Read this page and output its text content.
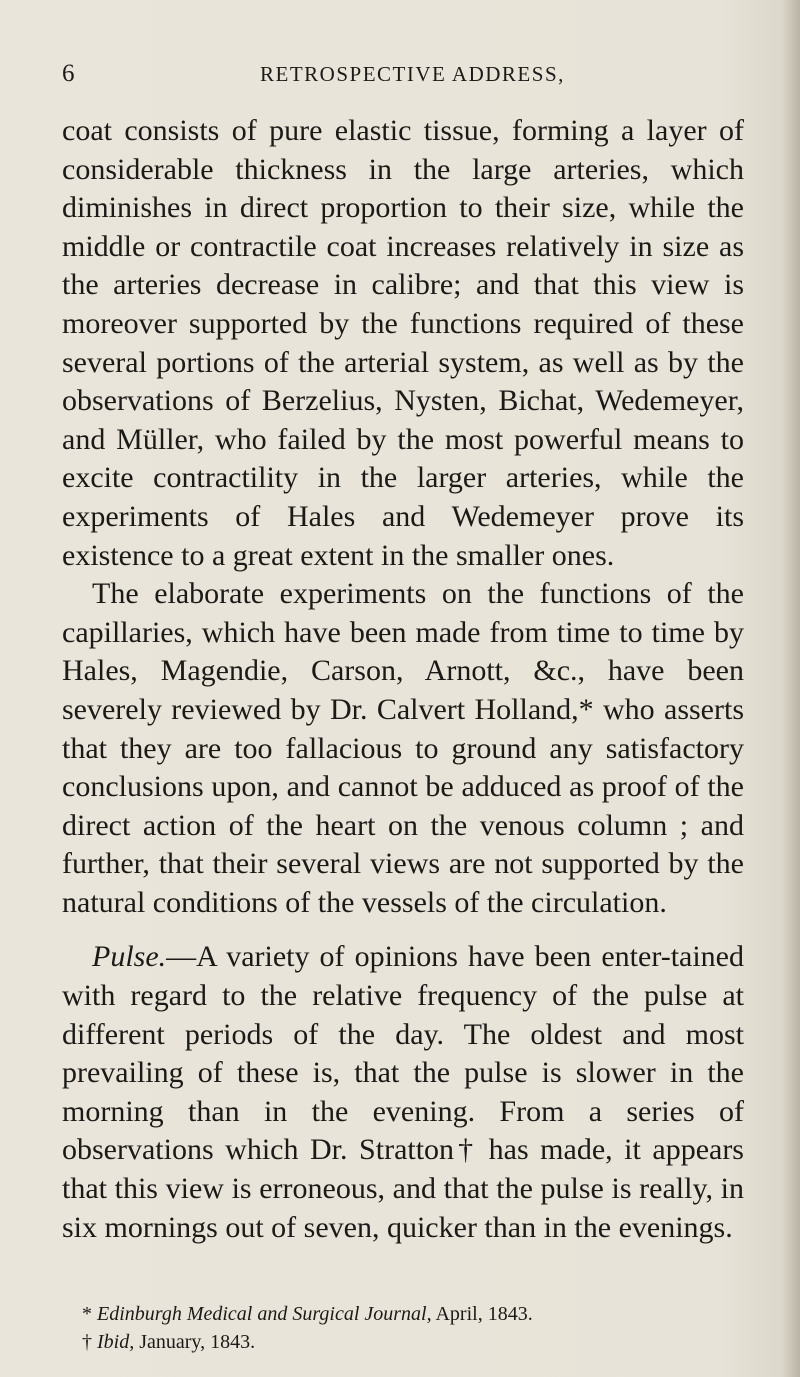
6	RETROSPECTIVE ADDRESS,

coat consists of pure elastic tissue, forming a layer of considerable thickness in the large arteries, which diminishes in direct proportion to their size, while the middle or contractile coat increases relatively in size as the arteries decrease in calibre; and that this view is moreover supported by the functions required of these several portions of the arterial system, as well as by the observations of Berzelius, Nysten, Bichat, Wedemeyer, and Müller, who failed by the most powerful means to excite contractility in the larger arteries, while the experiments of Hales and Wedemeyer prove its existence to a great extent in the smaller ones.

The elaborate experiments on the functions of the capillaries, which have been made from time to time by Hales, Magendie, Carson, Arnott, &c., have been severely reviewed by Dr. Calvert Holland,* who asserts that they are too fallacious to ground any satisfactory conclusions upon, and cannot be adduced as proof of the direct action of the heart on the venous column ; and further, that their several views are not supported by the natural conditions of the vessels of the circulation.

Pulse.—A variety of opinions have been enter-tained with regard to the relative frequency of the pulse at different periods of the day. The oldest and most prevailing of these is, that the pulse is slower in the morning than in the evening. From a series of observations which Dr. Stratton† has made, it appears that this view is erroneous, and that the pulse is really, in six mornings out of seven, quicker than in the evenings.

* Edinburgh Medical and Surgical Journal, April, 1843.

† Ibid, January, 1843.
